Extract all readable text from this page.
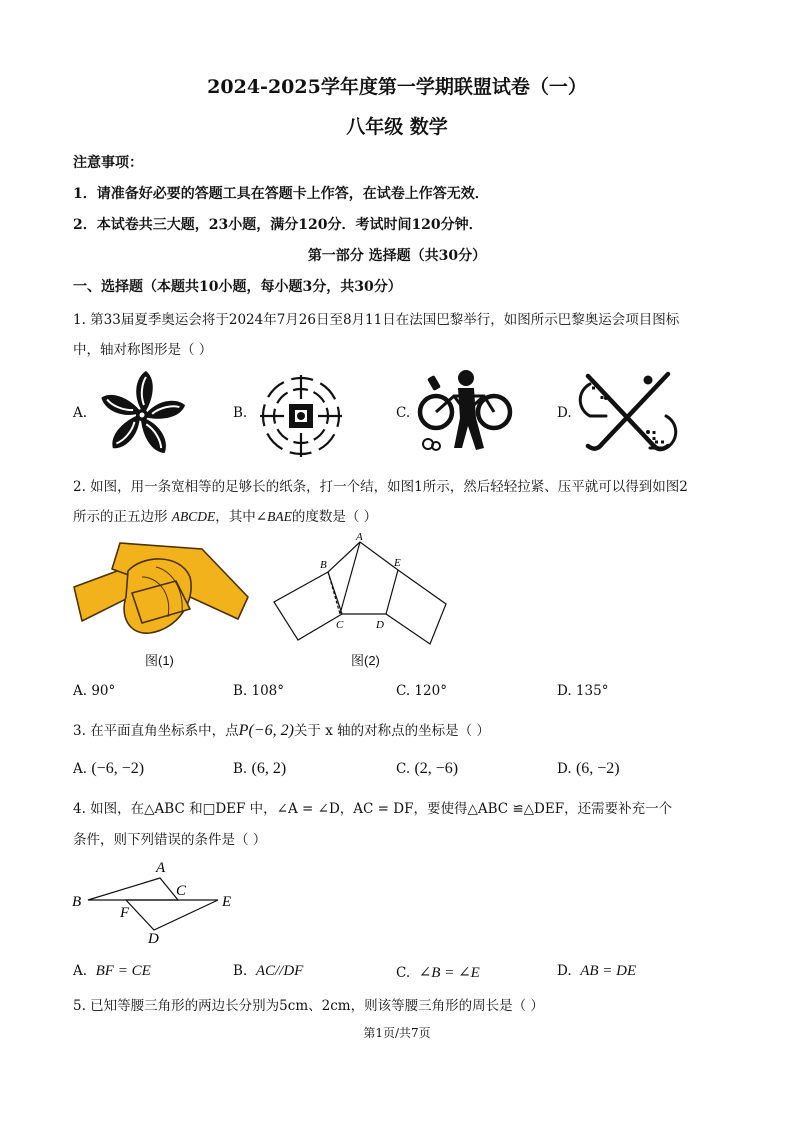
2024-2025学年度第一学期联盟试卷（一）
八年级 数学
注意事项：
1．请准备好必要的答题工具在答题卡上作答，在试卷上作答无效．
2．本试卷共三大题，23小题，满分120分．考试时间120分钟．
第一部分 选择题（共30分）
一、选择题（本题共10小题，每小题3分，共30分）
1. 第33届夏季奥运会将于2024年7月26日至8月11日在法国巴黎举行，如图所示巴黎奥运会项目图标
中，轴对称图形是（ ）
A.	B.	C.	D.
2. 如图，用一条宽相等的足够长的纸条，打一个结，如图1所示，然后轻轻拉紧、压平就可以得到如图2
所示的正五边形 ABCDE，其中∠BAE的度数是（ ）
图(1)
A
B
C	D
E
图(2)
A. 90°	B. 108°	C. 120°	D. 135°
3. 在平面直角坐标系中，点P(−6, 2)关于 x 轴的对称点的坐标是（ ）
A. (−6, −2)	B. (6, 2)	C. (2, −6)	D. (6, −2)
4. 如图，在△ABC 和□DEF 中，∠A = ∠D，AC = DF，要使得△ABC ≌△DEF，还需要补充一个
条件，则下列错误的条件是（ ）
A
B
C
E
F
D
A. BF = CE	B. AC//DF	C. ∠B = ∠E	D. AB = DE
5. 已知等腰三角形的两边长分别为5cm、2cm，则该等腰三角形的周长是（ ）
第1页/共7页
